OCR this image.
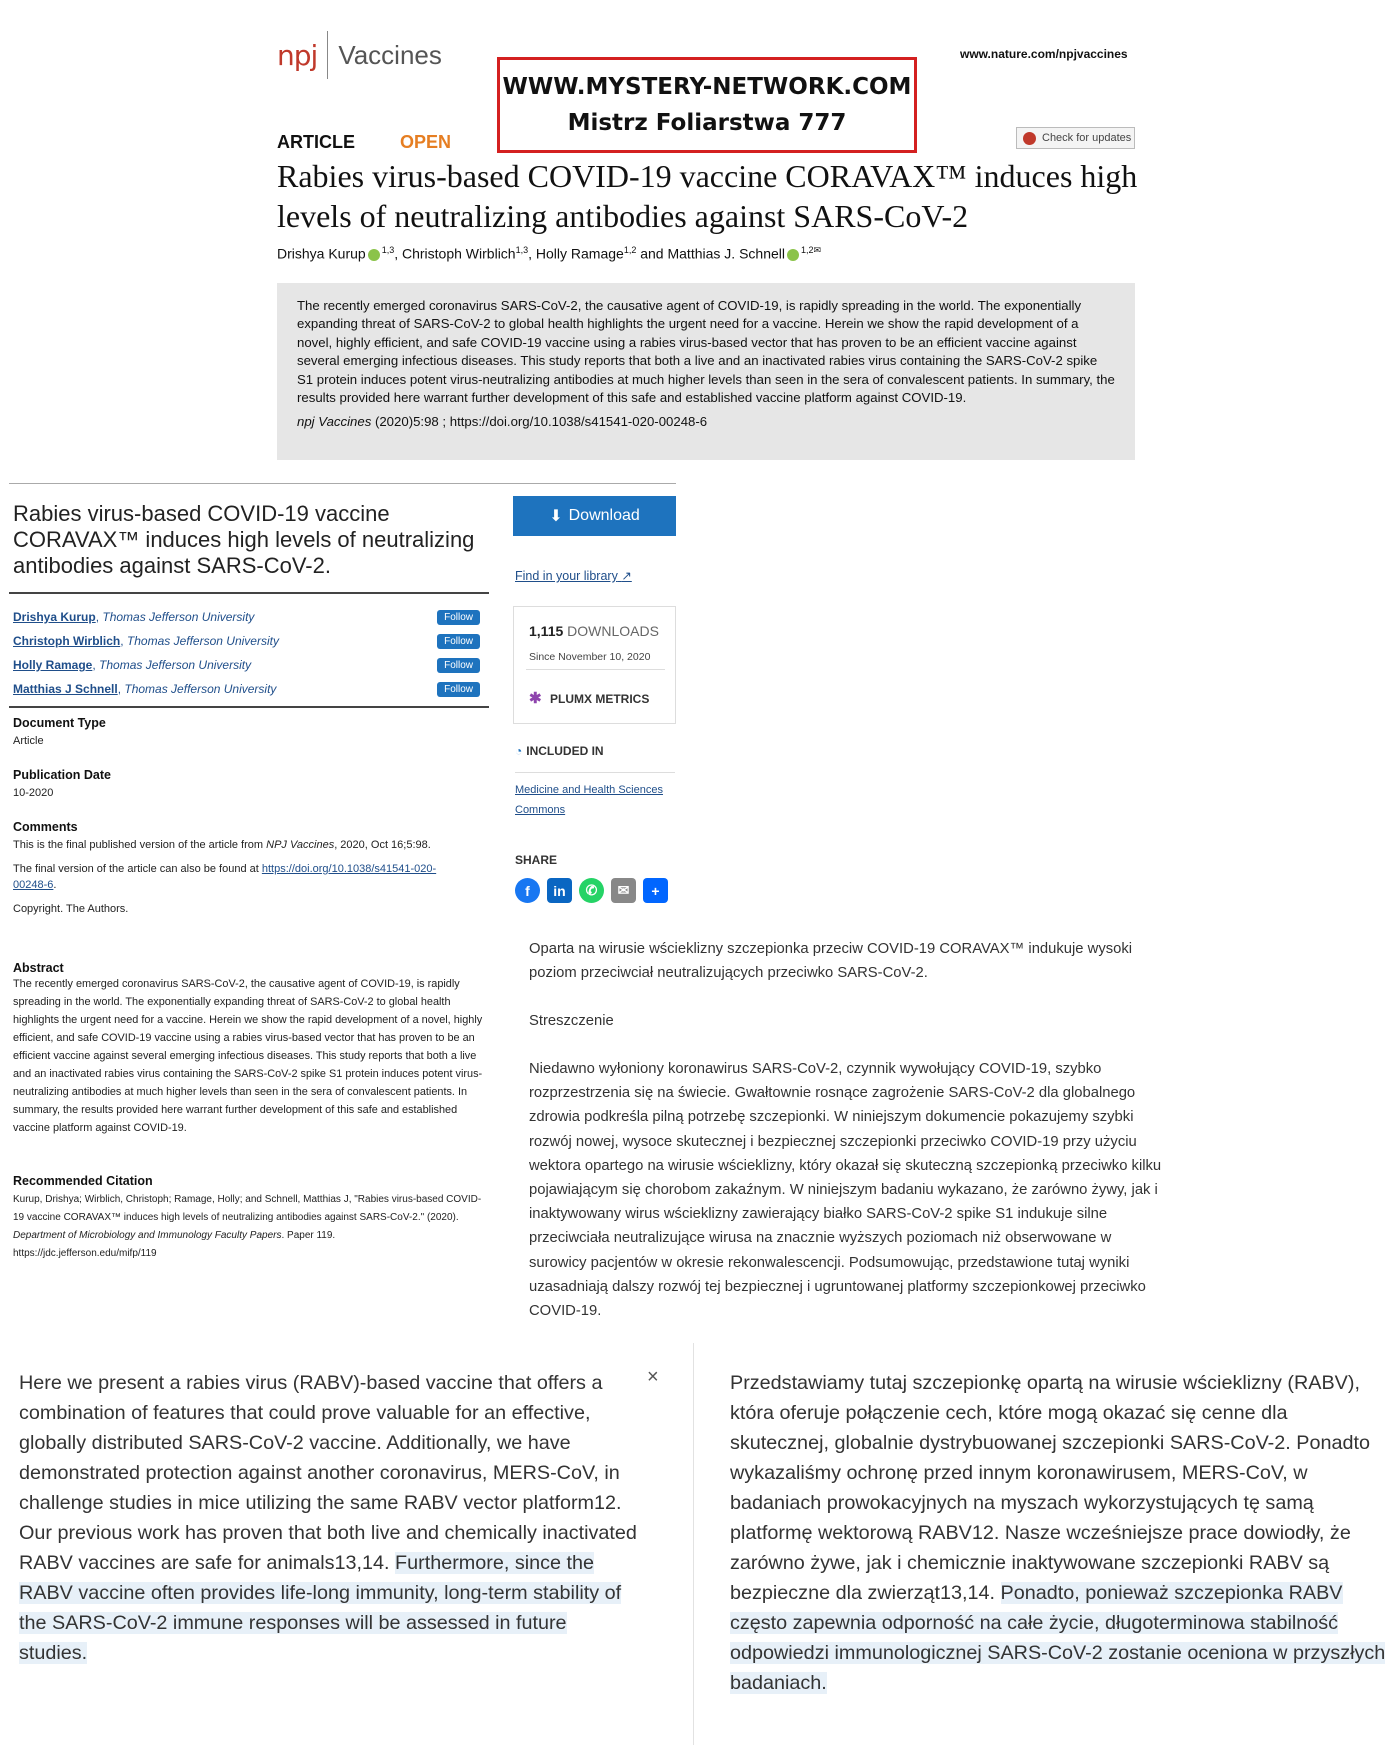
npj Vaccines	www.nature.com/npjvaccines
WWW.MYSTERY-NETWORK.COM
Mistrz Foliarstwa 777
ARTICLE	OPEN	Check for updates
Rabies virus-based COVID-19 vaccine CORAVAX™ induces high levels of neutralizing antibodies against SARS-CoV-2
Drishya Kurup $^{1,3}$, Christoph Wirblich$^{1,3}$, Holly Ramage$^{1,2}$ and Matthias J. Schnell $^{1,2✉}$

The recently emerged coronavirus SARS-CoV-2, the causative agent of COVID-19, is rapidly spreading in the world. The exponentially expanding threat of SARS-CoV-2 to global health highlights the urgent need for a vaccine. Herein we show the rapid development of a novel, highly efficient, and safe COVID-19 vaccine using a rabies virus-based vector that has proven to be an efficient vaccine against several emerging infectious diseases. This study reports that both a live and an inactivated rabies virus containing the SARS-CoV-2 spike S1 protein induces potent virus-neutralizing antibodies at much higher levels than seen in the sera of convalescent patients. In summary, the results provided here warrant further development of this safe and established vaccine platform against COVID-19.

npj Vaccines (2020)5:98 ; https://doi.org/10.1038/s41541-020-00248-6

Rabies virus-based COVID-19 vaccine CORAVAX™ induces high levels of neutralizing antibodies against SARS-CoV-2.
Drishya Kurup, Thomas Jefferson University	Follow
Christoph Wirblich, Thomas Jefferson University	Follow
Holly Ramage, Thomas Jefferson University	Follow
Matthias J Schnell, Thomas Jefferson University	Follow
Document Type

Article

Publication Date

10-2020

Comments

This is the final published version of the article from NPJ Vaccines, 2020, Oct 16;5:98.

The final version of the article can also be found at https://doi.org/10.1038/s41541-020-00248-6.

Copyright. The Authors.

Abstract

The recently emerged coronavirus SARS-CoV-2, the causative agent of COVID-19, is rapidly spreading in the world. The exponentially expanding threat of SARS-CoV-2 to global health highlights the urgent need for a vaccine. Herein we show the rapid development of a novel, highly efficient, and safe COVID-19 vaccine using a rabies virus-based vector that has proven to be an efficient vaccine against several emerging infectious diseases. This study reports that both a live and an inactivated rabies virus containing the SARS-CoV-2 spike S1 protein induces potent virus-neutralizing antibodies at much higher levels than seen in the sera of convalescent patients. In summary, the results provided here warrant further development of this safe and established vaccine platform against COVID-19.

Recommended Citation

Kurup, Drishya; Wirblich, Christoph; Ramage, Holly; and Schnell, Matthias J, "Rabies virus-based COVID-19 vaccine CORAVAX™ induces high levels of neutralizing antibodies against SARS-CoV-2." (2020). Department of Microbiology and Immunology Faculty Papers. Paper 119.
https://jdc.jefferson.edu/mifp/119

⬇ Download
Find in your library ↗
1,115 DOWNLOADS
Since November 10, 2020
✱ PLUMX METRICS
◔ INCLUDED IN
Medicine and Health Sciences Commons
SHARE
f	in	✆	✉	+
Oparta na wirusie wścieklizny szczepionka przeciw COVID-19 CORAVAX™ indukuje wysoki poziom przeciwciał neutralizujących przeciwko SARS-CoV-2.
Streszczenie
Niedawno wyłoniony koronawirus SARS-CoV-2, czynnik wywołujący COVID-19, szybko rozprzestrzenia się na świecie. Gwałtownie rosnące zagrożenie SARS-CoV-2 dla globalnego zdrowia podkreśla pilną potrzebę szczepionki. W niniejszym dokumencie pokazujemy szybki rozwój nowej, wysoce skutecznej i bezpiecznej szczepionki przeciwko COVID-19 przy użyciu wektora opartego na wirusie wścieklizny, który okazał się skuteczną szczepionką przeciwko kilku pojawiającym się chorobom zakaźnym. W niniejszym badaniu wykazano, że zarówno żywy, jak i inaktywowany wirus wścieklizny zawierający białko SARS-CoV-2 spike S1 indukuje silne przeciwciała neutralizujące wirusa na znacznie wyższych poziomach niż obserwowane w surowicy pacjentów w okresie rekonwalescencji. Podsumowując, przedstawione tutaj wyniki uzasadniają dalszy rozwój tej bezpiecznej i ugruntowanej platformy szczepionkowej przeciwko COVID-19.
Here we present a rabies virus (RABV)-based vaccine that offers a combination of features that could prove valuable for an effective, globally distributed SARS-CoV-2 vaccine. Additionally, we have demonstrated protection against another coronavirus, MERS-CoV, in challenge studies in mice utilizing the same RABV vector platform12. Our previous work has proven that both live and chemically inactivated RABV vaccines are safe for animals13,14. Furthermore, since the RABV vaccine often provides life-long immunity, long-term stability of the SARS-CoV-2 immune responses will be assessed in future studies.
×	Przedstawiamy tutaj szczepionkę opartą na wirusie wścieklizny (RABV), która oferuje połączenie cech, które mogą okazać się cenne dla skutecznej, globalnie dystrybuowanej szczepionki SARS-CoV-2. Ponadto wykazaliśmy ochronę przed innym koronawirusem, MERS-CoV, w badaniach prowokacyjnych na myszach wykorzystujących tę samą platformę wektorową RABV12. Nasze wcześniejsze prace dowiodły, że zarówno żywe, jak i chemicznie inaktywowane szczepionki RABV są bezpieczne dla zwierząt13,14. Ponadto, ponieważ szczepionka RABV często zapewnia odporność na całe życie, długoterminowa stabilność odpowiedzi immunologicznej SARS-CoV-2 zostanie oceniona w przyszłych badaniach.
